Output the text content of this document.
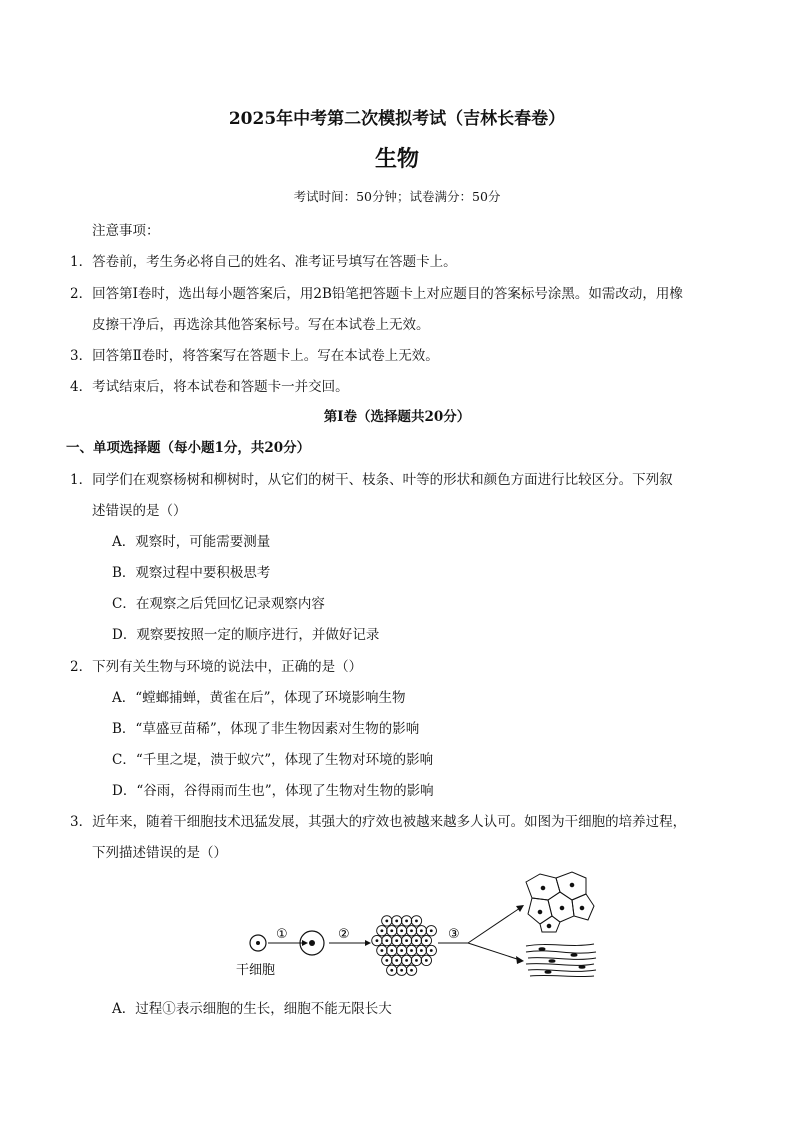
2025年中考第二次模拟考试（吉林长春卷）
生物
考试时间：50分钟；试卷满分：50分
注意事项：
1．答卷前，考生务必将自己的姓名、准考证号填写在答题卡上。
2．回答第Ⅰ卷时，选出每小题答案后，用2B铅笔把答题卡上对应题目的答案标号涂黑。如需改动，用橡
皮擦干净后，再选涂其他答案标号。写在本试卷上无效。
3．回答第Ⅱ卷时，将答案写在答题卡上。写在本试卷上无效。
4．考试结束后，将本试卷和答题卡一并交回。
第Ⅰ卷（选择题共20分）
一、单项选择题（每小题1分，共20分）
1．同学们在观察杨树和柳树时，从它们的树干、枝条、叶等的形状和颜色方面进行比较区分。下列叙
述错误的是（）
A．观察时，可能需要测量
B．观察过程中要积极思考
C．在观察之后凭回忆记录观察内容
D．观察要按照一定的顺序进行，并做好记录
2．下列有关生物与环境的说法中，正确的是（）
A．“螳螂捕蝉，黄雀在后”，体现了环境影响生物
B．“草盛豆苗稀”，体现了非生物因素对生物的影响
C．“千里之堤，溃于蚁穴”，体现了生物对环境的影响
D．“谷雨，谷得雨而生也”，体现了生物对生物的影响
3．近年来，随着干细胞技术迅猛发展，其强大的疗效也被越来越多人认可。如图为干细胞的培养过程，
下列描述错误的是（）
①	②	③
干细胞
A．过程①表示细胞的生长，细胞不能无限长大
